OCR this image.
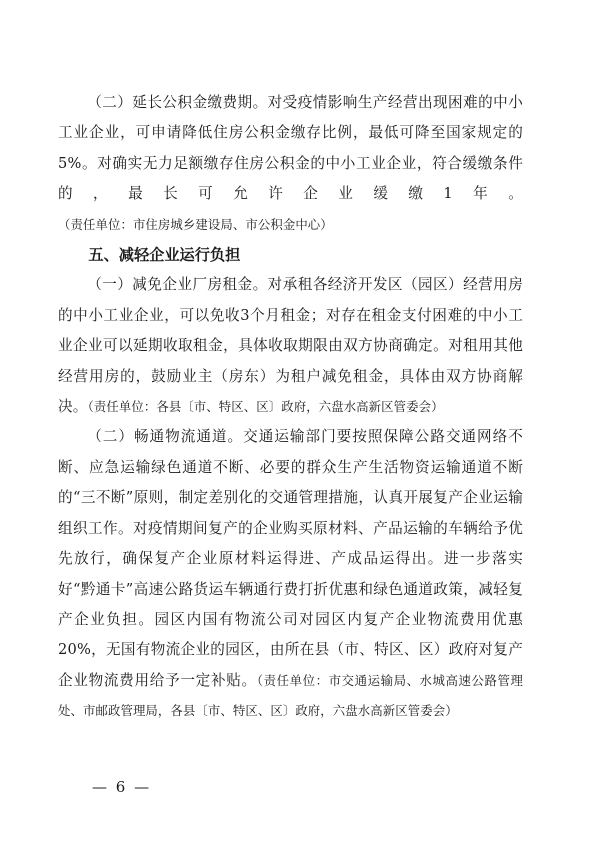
（二）延长公积金缴费期。对受疫情影响生产经营出现困难的中小工业企业，可申请降低住房公积金缴存比例，最低可降至国家规定的5%。对确实无力足额缴存住房公积金的中小工业企业，符合缓缴条件的，最长可允许企业缓缴1年。（责任单位：市住房城乡建设局、市公积金中心）

五、减轻企业运行负担

（一）减免企业厂房租金。对承租各经济开发区（园区）经营用房的中小工业企业，可以免收3个月租金；对存在租金支付困难的中小工业企业可以延期收取租金，具体收取期限由双方协商确定。对租用其他经营用房的，鼓励业主（房东）为租户减免租金，具体由双方协商解决。（责任单位：各县〔市、特区、区〕政府，六盘水高新区管委会）

（二）畅通物流通道。交通运输部门要按照保障公路交通网络不断、应急运输绿色通道不断、必要的群众生产生活物资运输通道不断的“三不断”原则，制定差别化的交通管理措施，认真开展复产企业运输组织工作。对疫情期间复产的企业购买原材料、产品运输的车辆给予优先放行，确保复产企业原材料运得进、产成品运得出。进一步落实好“黔通卡”高速公路货运车辆通行费打折优惠和绿色通道政策，减轻复产企业负担。园区内国有物流公司对园区内复产企业物流费用优惠20%，无国有物流企业的园区，由所在县（市、特区、区）政府对复产企业物流费用给予一定补贴。（责任单位：市交通运输局、水城高速公路管理处、市邮政管理局，各县〔市、特区、区〕政府，六盘水高新区管委会）

— 6 —
